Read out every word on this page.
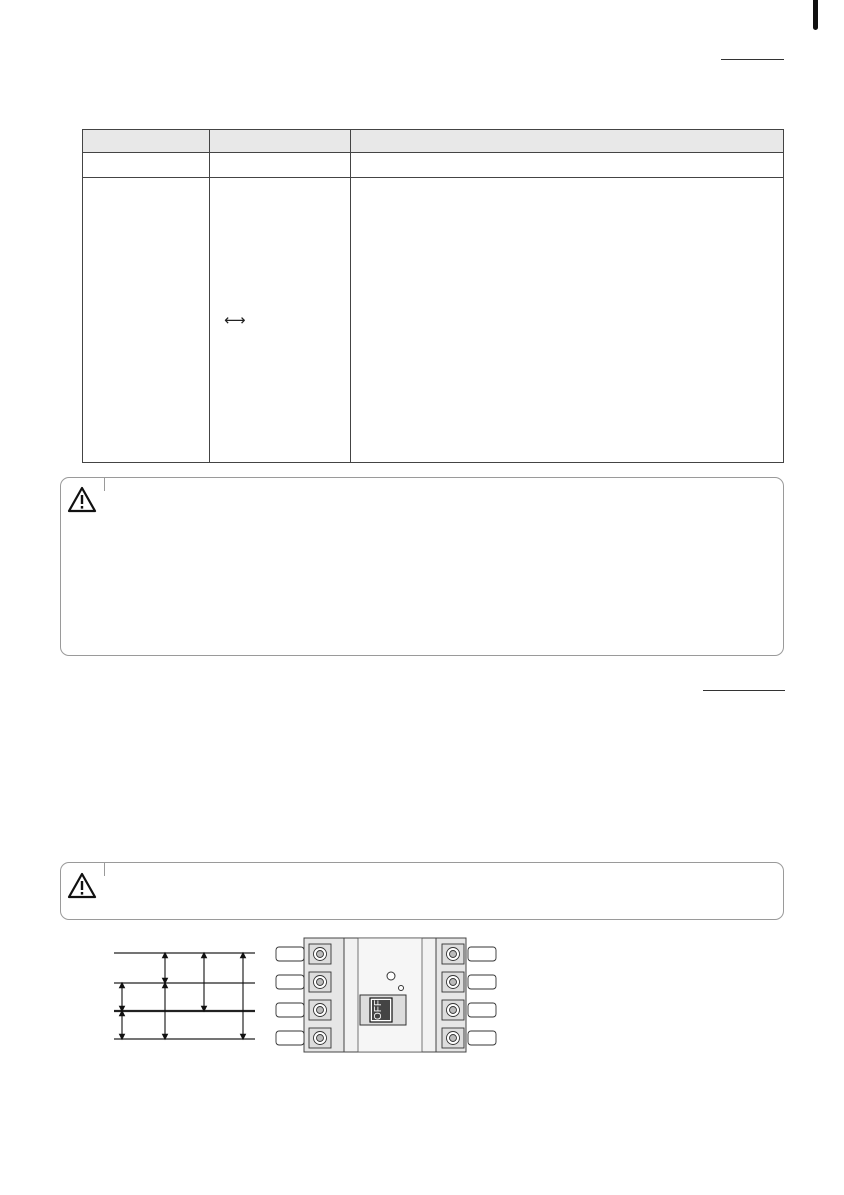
	⟷	

OFF
